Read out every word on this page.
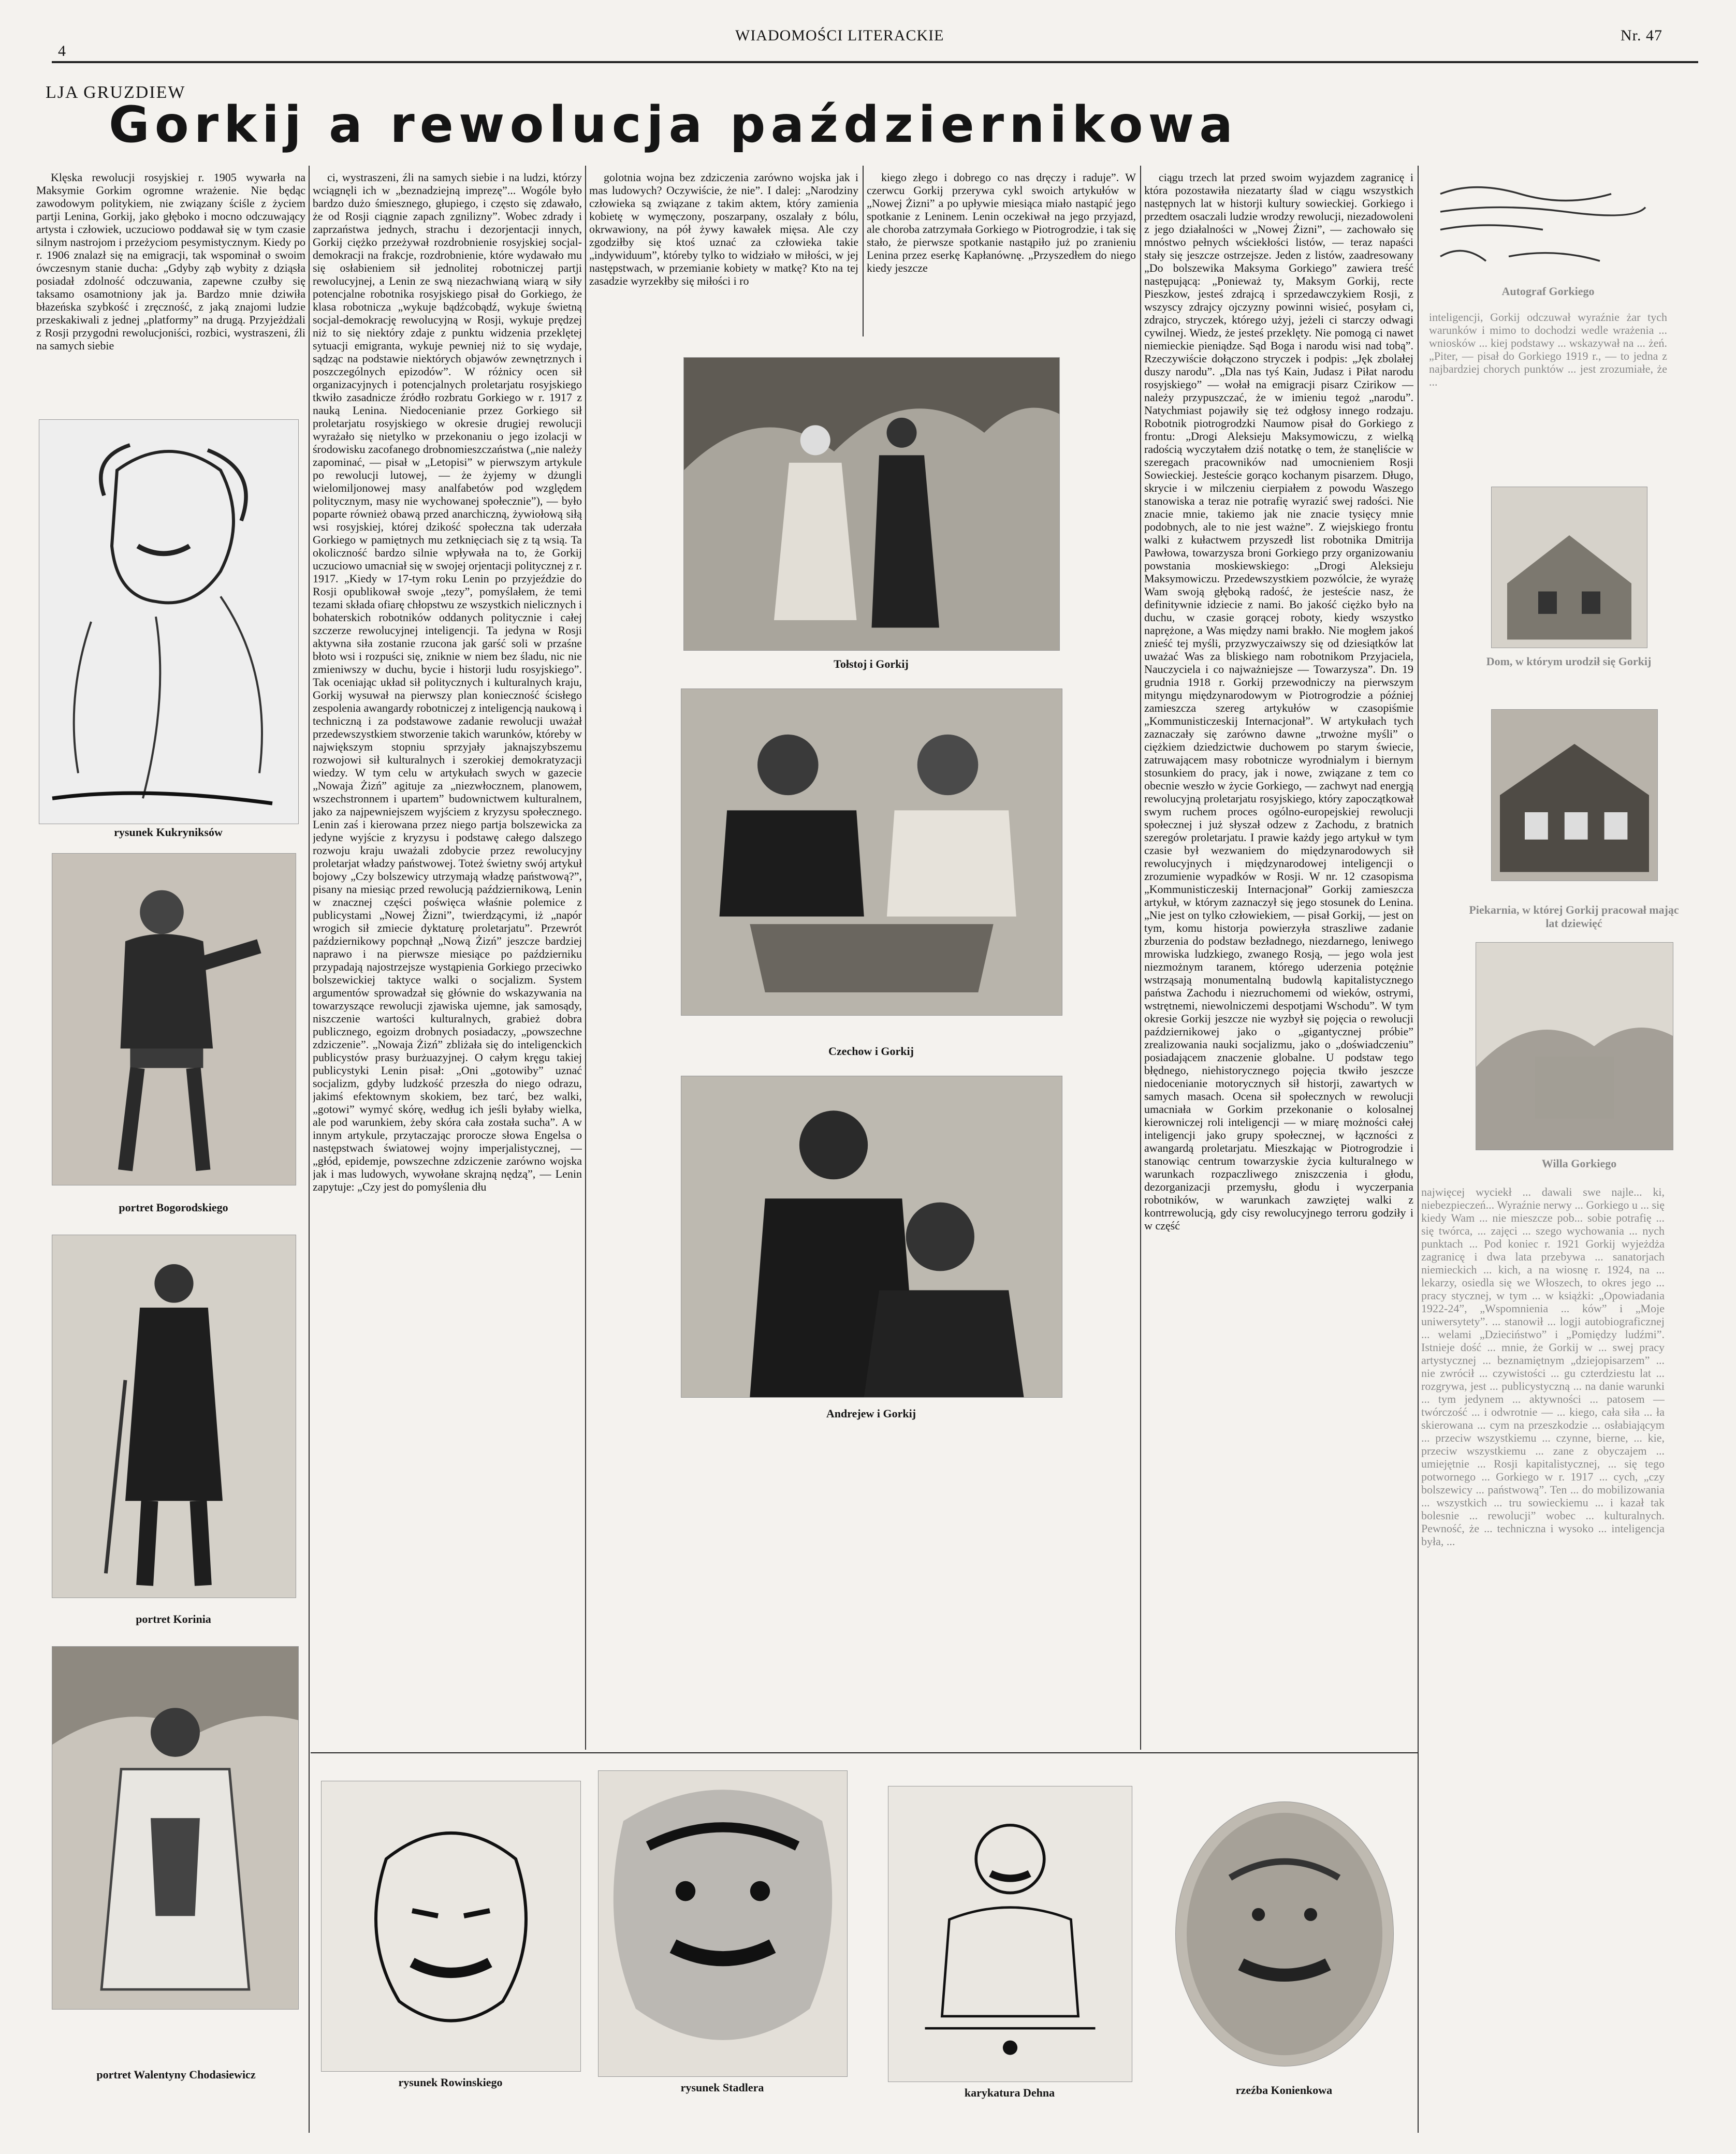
4
WIADOMOŚCI LITERACKIE	Nr. 47
LJA GRUZDIEW
Gorkij a rewolucja październikowa
Klęska rewolucji rosyjskiej r. 1905 wywarła na Maksymie Gorkim ogromne wrażenie. Nie będąc zawodowym politykiem, nie związany ściśle z życiem partji Lenina, Gorkij, jako głęboko i mocno odczuwający artysta i człowiek, uczuciowo poddawał się w tym czasie silnym nastrojom i przeżyciom pesymistycznym. Kiedy po r. 1906 znalazł się na emigracji, tak wspominał o swoim ówczesnym stanie ducha: „Gdyby ząb wybity z dziąsła posiadał zdolność odczuwania, zapewne czułby się taksamo osamotniony jak ja. Bardzo mnie dziwiła błazeńska szybkość i zręczność, z jaką znajomi ludzie przeskakiwali z jednej „platformy” na drugą. Przyjeżdżali z Rosji przygodni rewolucjoniści, rozbici, wystraszeni, źli na samych siebie
rysunek Kukryniksów
portret Bogorodskiego
portret Korinia
portret Walentyny Chodasiewicz
ci, wystraszeni, źli na samych siebie i na ludzi, którzy wciągnęli ich w „beznadziejną imprezę”... Wogóle było bardzo dużo śmiesznego, głupiego, i często się zdawało, że od Rosji ciągnie zapach zgnilizny”. Wobec zdrady i zaprzaństwa jednych, strachu i dezorjentacji innych, Gorkij ciężko przeżywał rozdrobnienie rosyjskiej socjal-demokracji na frakcje, rozdrobnienie, które wydawało mu się osłabieniem sił jednolitej robotniczej partji rewolucyjnej, a Lenin ze swą niezachwianą wiarą w siły potencjalne robotnika rosyjskiego pisał do Gorkiego, że klasa robotnicza „wykuje bądźcobądź, wykuje świetną socjal-demokrację rewolucyjną w Rosji, wykuje prędzej niż to się niektóry zdaje z punktu widzenia przeklętej sytuacji emigranta, wykuje pewniej niż to się wydaje, sądząc na podstawie niektórych objawów zewnętrznych i poszczególnych epizodów”. W różnicy ocen sił organizacyjnych i potencjalnych proletarjatu rosyjskiego tkwiło zasadnicze źródło rozbratu Gorkiego w r. 1917 z nauką Lenina. Niedocenianie przez Gorkiego sił proletarjatu rosyjskiego w okresie drugiej rewolucji wyrażało się nietylko w przekonaniu o jego izolacji w środowisku zacofanego drobnomieszczaństwa („nie należy zapominać, — pisał w „Letopisi” w pierwszym artykule po rewolucji lutowej, — że żyjemy w dżungli wielomiljonowej masy analfabetów pod względem politycznym, masy nie wychowanej społecznie”), — było poparte również obawą przed anarchiczną, żywiołową siłą wsi rosyjskiej, której dzikość społeczna tak uderzała Gorkiego w pamiętnych mu zetknięciach się z tą wsią. Ta okoliczność bardzo silnie wpływała na to, że Gorkij uczuciowo umacniał się w swojej orjentacji politycznej z r. 1917. „Kiedy w 17-tym roku Lenin po przyjeździe do Rosji opublikował swoje „tezy”, pomyślałem, że temi tezami składa ofiarę chłopstwu ze wszystkich nielicznych i bohaterskich robotników oddanych politycznie i całej szczerze rewolucyjnej inteligencji. Ta jedyna w Rosji aktywna siła zostanie rzucona jak garść soli w przaśne błoto wsi i rozpuści się, zniknie w niem bez śladu, nic nie zmieniwszy w duchu, bycie i historji ludu rosyjskiego”. Tak oceniając układ sił politycznych i kulturalnych kraju, Gorkij wysuwał na pierwszy plan konieczność ścisłego zespolenia awangardy robotniczej z inteligencją naukową i techniczną i za podstawowe zadanie rewolucji uważał przedewszystkiem stworzenie takich warunków, któreby w największym stopniu sprzyjały jaknajszybszemu rozwojowi sił kulturalnych i szerokiej demokratyzacji wiedzy. W tym celu w artykułach swych w gazecie „Nowaja Żizń” agituje za „niezwłocznem, planowem, wszechstronnem i upartem” budownictwem kulturalnem, jako za najpewniejszem wyjściem z kryzysu społecznego. Lenin zaś i kierowana przez niego partja bolszewicka za jedyne wyjście z kryzysu i podstawę całego dalszego rozwoju kraju uważali zdobycie przez rewolucyjny proletarjat władzy państwowej. Toteż świetny swój artykuł bojowy „Czy bolszewicy utrzymają władzę państwową?”, pisany na miesiąc przed rewolucją październikową, Lenin w znacznej części poświęca właśnie polemice z publicystami „Nowej Żizni”, twierdzącymi, iż „napór wrogich sił zmiecie dyktaturę proletarjatu”. Przewrót październikowy popchnął „Nową Żizń” jeszcze bardziej naprawo i na pierwsze miesiące po październiku przypadają najostrzejsze wystąpienia Gorkiego przeciwko bolszewickiej taktyce walki o socjalizm. System argumentów sprowadzał się głównie do wskazywania na towarzyszące rewolucji zjawiska ujemne, jak samosądy, niszczenie wartości kulturalnych, grabież dobra publicznego, egoizm drobnych posiadaczy, „powszechne zdziczenie”. „Nowaja Żizń” zbliżała się do inteligenckich publicystów prasy burżuazyjnej. O całym kręgu takiej publicystyki Lenin pisał: „Oni „gotowiby” uznać socjalizm, gdyby ludzkość przeszła do niego odrazu, jakimś efektownym skokiem, bez tarć, bez walki, „gotowi” wymyć skórę, według ich jeśli byłaby wielka, ale pod warunkiem, żeby skóra cała została sucha”. A w innym artykule, przytaczając prorocze słowa Engelsa o następstwach światowej wojny imperjalistycznej, — „głód, epidemje, powszechne zdziczenie zarówno wojska jak i mas ludowych, wywołane skrajną nędzą”, — Lenin zapytuje: „Czy jest do pomyślenia dłu
golotnia wojna bez zdziczenia zarówno wojska jak i mas ludowych? Oczywiście, że nie”. I dalej: „Narodziny człowieka są związane z takim aktem, który zamienia kobietę w wymęczony, poszarpany, oszalały z bólu, okrwawiony, na pół żywy kawałek mięsa. Ale czy zgodziłby się ktoś uznać za człowieka takie „indywiduum”, któreby tylko to widziało w miłości, w jej następstwach, w przemianie kobiety w matkę? Kto na tej zasadzie wyrzekłby się miłości i ro
kiego złego i dobrego co nas dręczy i raduje”. W czerwcu Gorkij przerywa cykl swoich artykułów w „Nowej Żizni” a po upływie miesiąca miało nastąpić jego spotkanie z Leninem. Lenin oczekiwał na jego przyjazd, ale choroba zatrzymała Gorkiego w Piotrogrodzie, i tak się stało, że pierwsze spotkanie nastąpiło już po zranieniu Lenina przez eserkę Kapłanównę. „Przyszedłem do niego kiedy jeszcze
Tołstoj i Gorkij
Czechow i Gorkij
Andrejew i Gorkij
ciągu trzech lat przed swoim wyjazdem zagranicę i która pozostawiła niezatarty ślad w ciągu wszystkich następnych lat w historji kultury sowieckiej. Gorkiego i przedtem osaczali ludzie wrodzy rewolucji, niezadowoleni z jego działalności w „Nowej Żizni”, — zachowało się mnóstwo pełnych wściekłości listów, — teraz napaści stały się jeszcze ostrzejsze. Jeden z listów, zaadresowany „Do bolszewika Maksyma Gorkiego” zawiera treść następującą: „Ponieważ ty, Maksym Gorkij, recte Pieszkow, jesteś zdrajcą i sprzedawczykiem Rosji, z wszyscy zdrajcy ojczyzny powinni wisieć, posyłam ci, zdrajco, stryczek, którego użyj, jeżeli ci starczy odwagi cywilnej. Wiedz, że jesteś przeklęty. Nie pomogą ci nawet niemieckie pieniądze. Sąd Boga i narodu wisi nad tobą”. Rzeczywiście dołączono stryczek i podpis: „Jęk zbolałej duszy narodu”. „Dla nas tyś Kain, Judasz i Piłat narodu rosyjskiego” — wołał na emigracji pisarz Czirikow — należy przypuszczać, że w imieniu tegoż „narodu”. Natychmiast pojawiły się też odgłosy innego rodzaju. Robotnik piotrogrodzki Naumow pisał do Gorkiego z frontu: „Drogi Aleksieju Maksymowiczu, z wielką radością wyczytałem dziś notatkę o tem, że stanęliście w szeregach pracowników nad umocnieniem Rosji Sowieckiej. Jesteście gorąco kochanym pisarzem. Długo, skrycie i w milczeniu cierpiałem z powodu Waszego stanowiska a teraz nie potrafię wyrazić swej radości. Nie znacie mnie, takiemo jak nie znacie tysięcy mnie podobnych, ale to nie jest ważne”. Z wiejskiego frontu walki z kułactwem przyszedł list robotnika Dmitrija Pawłowa, towarzysza broni Gorkiego przy organizowaniu powstania moskiewskiego: „Drogi Aleksieju Maksymowiczu. Przedewszystkiem pozwólcie, że wyrażę Wam swoją głęboką radość, że jesteście nasz, że definitywnie idziecie z nami. Bo jakość ciężko było na duchu, w czasie gorącej roboty, kiedy wszystko naprężone, a Was między nami brakło. Nie mogłem jakoś znieść tej myśli, przyzwyczaiwszy się od dziesiątków lat uważać Was za bliskiego nam robotnikom Przyjaciela, Nauczyciela i co najważniejsze — Towarzysza”. Dn. 19 grudnia 1918 r. Gorkij przewodniczy na pierwszym mityngu międzynarodowym w Piotrogrodzie a później zamieszcza szereg artykułów w czasopiśmie „Kommunisticzeskij Internacjonał”. W artykułach tych zaznaczały się zarówno dawne „trwożne myśli” o ciężkiem dziedzictwie duchowem po starym świecie, zatruwającem masy robotnicze wyrodnialym i biernym stosunkiem do pracy, jak i nowe, związane z tem co obecnie weszło w życie Gorkiego, — zachwyt nad energją rewolucyjną proletarjatu rosyjskiego, który zapoczątkował swym ruchem proces ogólno-europejskiej rewolucji społecznej i już słyszał odzew z Zachodu, z bratnich szeregów proletarjatu. I prawie każdy jego artykuł w tym czasie był wezwaniem do międzynarodowych sił rewolucyjnych i międzynarodowej inteligencji o zrozumienie wypadków w Rosji. W nr. 12 czasopisma „Kommunisticzeskij Internacjonał” Gorkij zamieszcza artykuł, w którym zaznaczył się jego stosunek do Lenina. „Nie jest on tylko człowiekiem, — pisał Gorkij, — jest on tym, komu historja powierzyła straszliwe zadanie zburzenia do podstaw bezładnego, niezdarnego, leniwego mrowiska ludzkiego, zwanego Rosją, — jego wola jest niezmożnym taranem, którego uderzenia potężnie wstrząsają monumentalną budowlą kapitalistycznego państwa Zachodu i niezruchomemi od wieków, ostrymi, wstrętnemi, niewolniczemi despotjami Wschodu”. W tym okresie Gorkij jeszcze nie wyzbył się pojęcia o rewolucji październikowej jako o „gigantycznej próbie” zrealizowania nauki socjalizmu, jako o „doświadczeniu” posiadającem znaczenie globalne. U podstaw tego błędnego, niehistorycznego pojęcia tkwiło jeszcze niedocenianie motorycznych sił historji, zawartych w samych masach. Ocena sił społecznych w rewolucji umacniała w Gorkim przekonanie o kolosalnej kierowniczej roli inteligencji — w miarę możności całej inteligencji jako grupy społecznej, w łączności z awangardą proletarjatu. Mieszkając w Piotrogrodzie i stanowiąc centrum towarzyskie życia kulturalnego w warunkach rozpaczliwego zniszczenia i głodu, dezorganizacji przemysłu, głodu i wyczerpania robotników, w warunkach zawziętej walki z kontrrewolucją, gdy cisy rewolucyjnego terroru godziły i w część
Autograf Gorkiego
inteligencji, Gorkij odczuwał wyraźnie żar tych warunków i mimo to dochodzi wedle wrażenia ... wniosków ... kiej podstawy ... wskazywał na ... żeń. „Piter, — pisał do Gorkiego 1919 r., — to jedna z najbardziej chorych punktów ... jest zrozumiałe, że ...
Dom, w którym urodził się Gorkij
Piekarnia, w której Gorkij pracował mając lat dziewięć
Willa Gorkiego
najwięcej wyciekł ... dawali swe najle... ki, niebezpieczeń... Wyraźnie nerwy ... Gorkiego u ... się kiedy Wam ... nie mieszcze pob... sobie potrafię ... się twórca, ... zajęci ... szego wychowania ... nych punktach ... Pod koniec r. 1921 Gorkij wyjeżdża zagranicę i dwa lata przebywa ... sanatorjach niemieckich ... kich, a na wiosnę r. 1924, na ... lekarzy, osiedla się we Włoszech, to okres jego ... pracy stycznej, w tym ... w książki: „Opowiadania 1922-24”, „Wspomnienia ... ków” i „Moje uniwersytety”. ... stanowił ... logji autobiograficznej ... welami „Dzieciństwo” i „Pomiędzy ludźmi”. Istnieje dość ... mnie, że Gorkij w ... swej pracy artystycznej ... beznamiętnym „dziejopisarzem” ... nie zwrócił ... czywistości ... gu czterdziestu lat ... rozgrywa, jest ... publicystyczną ... na danie warunki ... tym jedynem ... aktywności ... patosem — twórczość ... i odwrotnie — ... kiego, cała siła ... ła skierowana ... cym na przeszkodzie ... osłabiającym ... przeciw wszystkiemu ... czynne, bierne, ... kie, przeciw wszystkiemu ... zane z obyczajem ... umiejętnie ... Rosji kapitalistycznej, ... się tego potwornego ... Gorkiego w r. 1917 ... cych, „czy bolszewicy ... państwową”. Ten ... do mobilizowania ... wszystkich ... tru sowieckiemu ... i kazał tak bolesnie ... rewolucji” wobec ... kulturalnych. Pewność, że ... techniczna i wysoko ... inteligencja była, ...
rysunek Rowinskiego	rysunek Stadlera	karykatura Dehna	rzeźba Koniеnkowa
